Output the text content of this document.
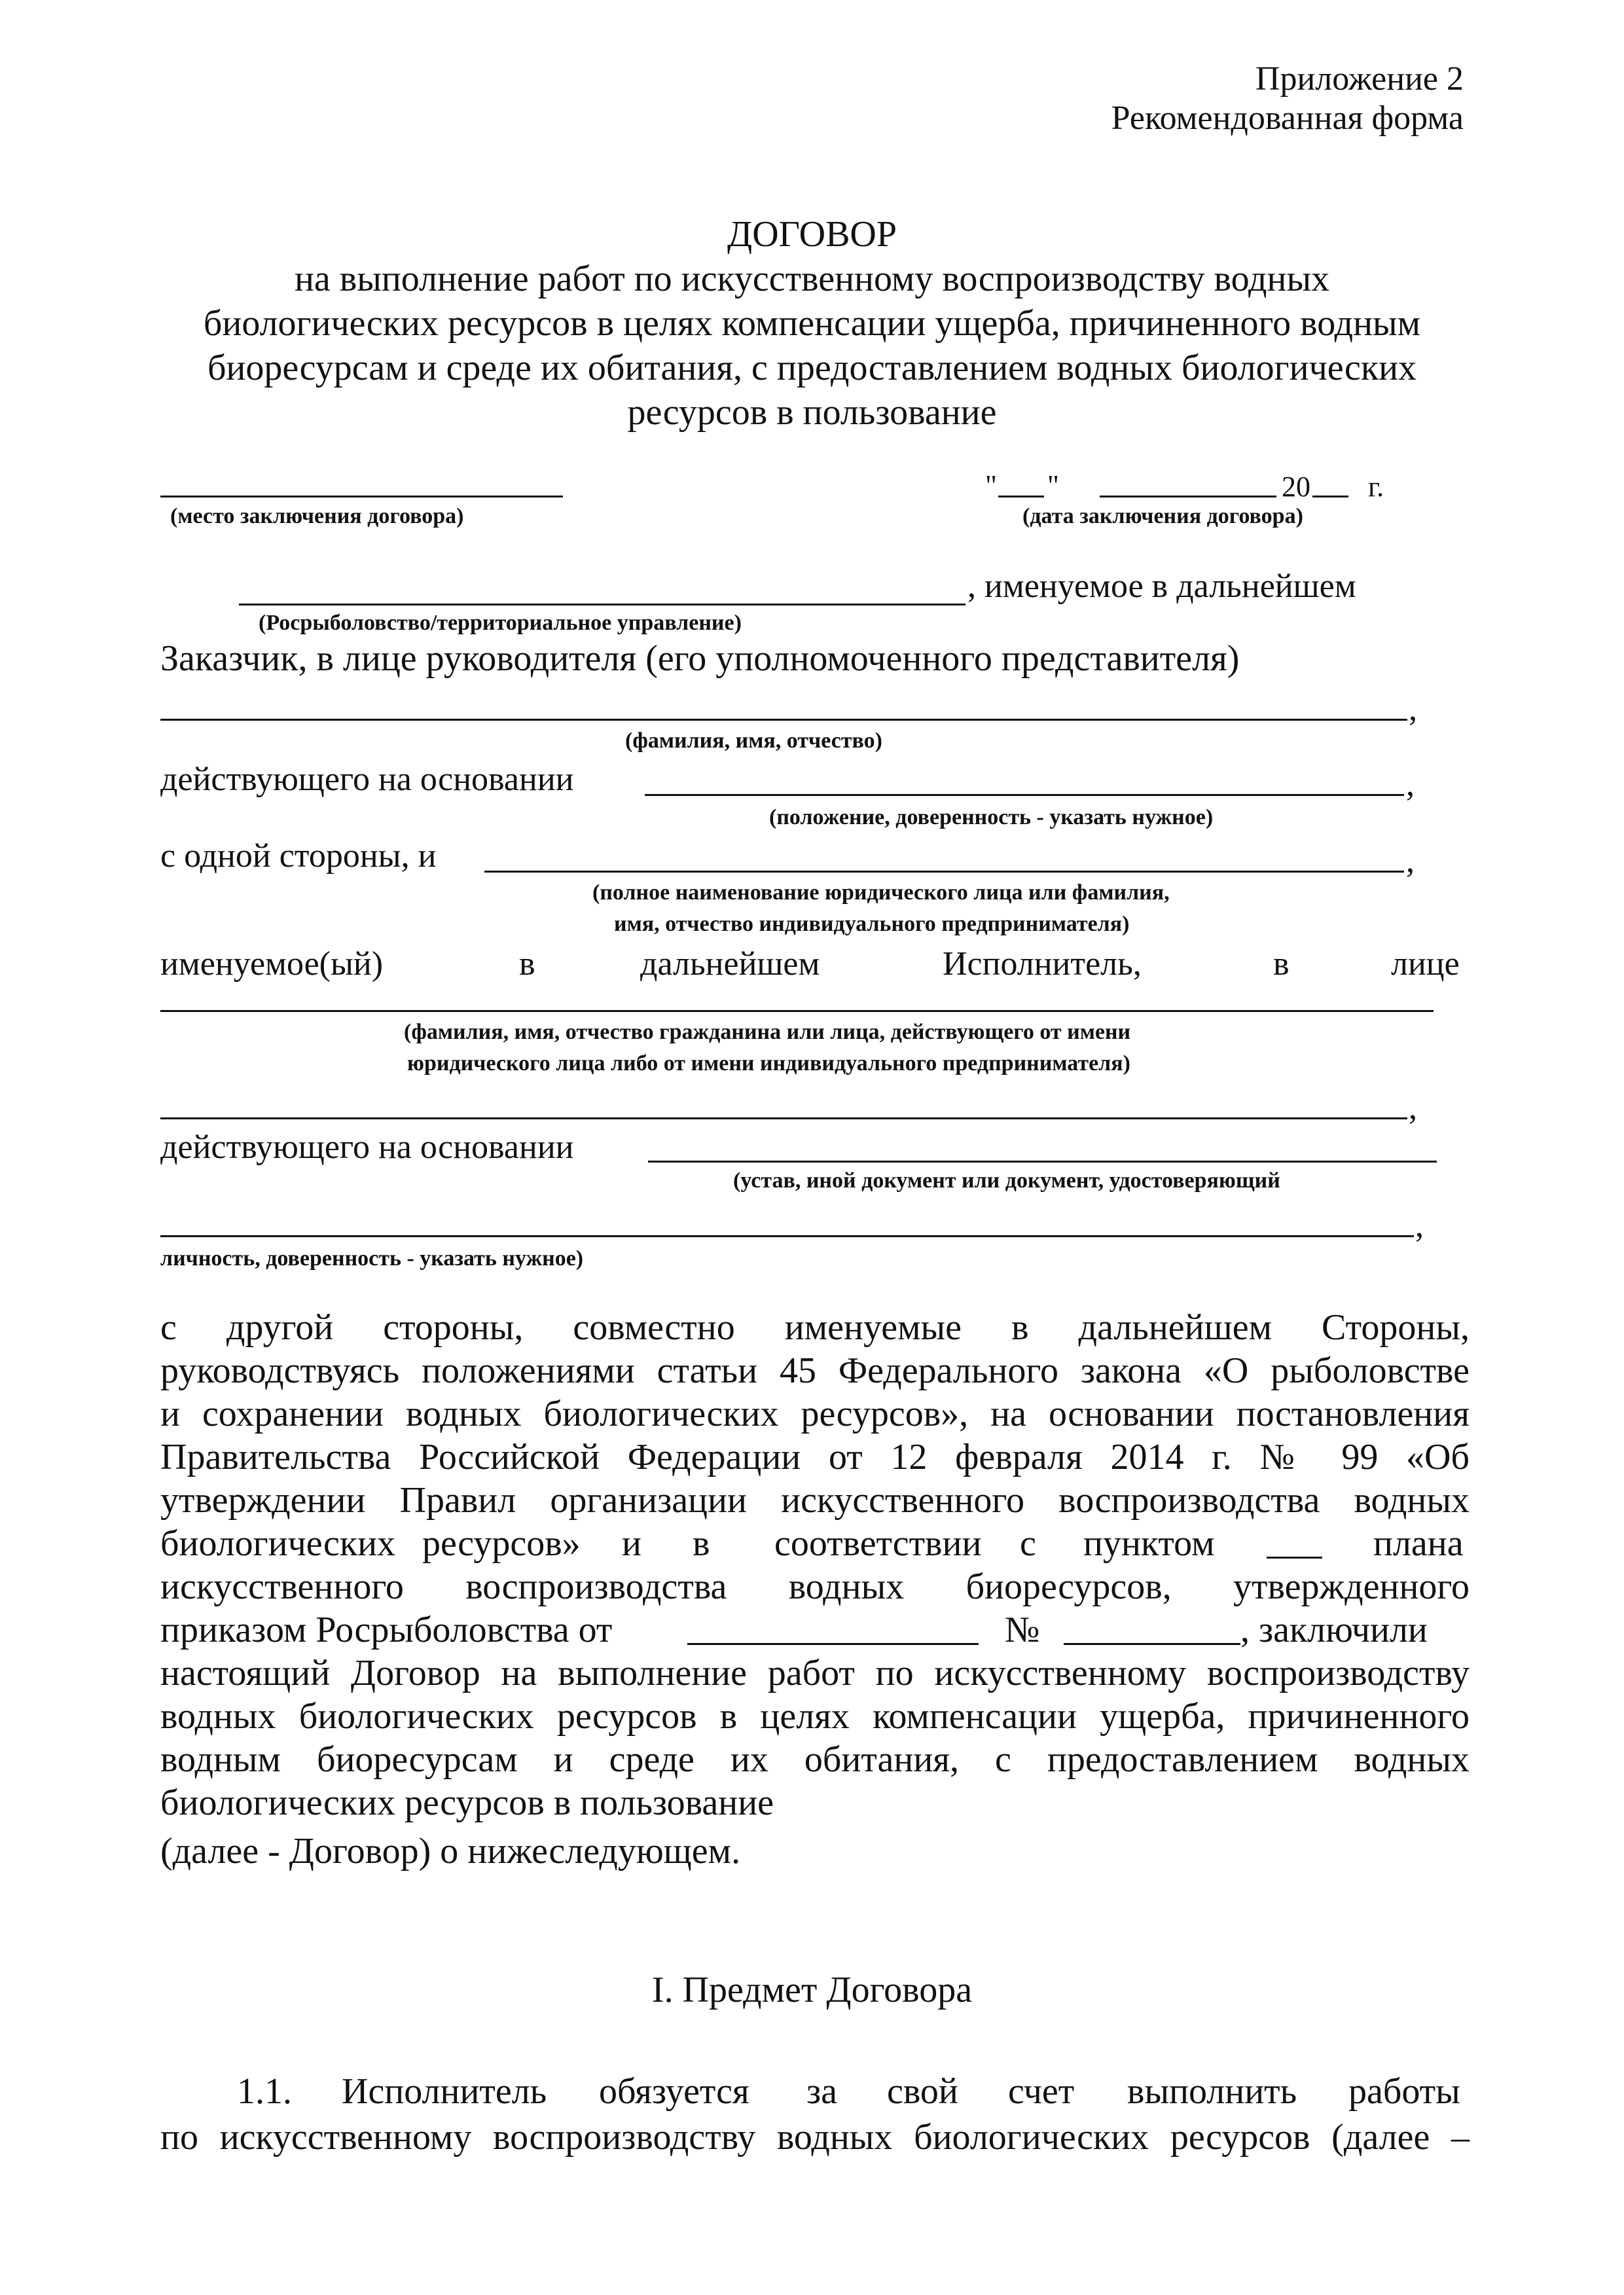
Приложение 2
Рекомендованная форма
ДОГОВОР
на выполнение работ по искусственному воспроизводству водных
биологических ресурсов в целях компенсации ущерба, причиненного водным
биоресурсам и среде их обитания, с предоставлением водных биологических
ресурсов в пользование
" "	20 г.
(место заключения договора)	(дата заключения договора)
, именуемое в дальнейшем
(Росрыболовство/территориальное управление)
Заказчик, в лице руководителя (его уполномоченного представителя)
,
(фамилия, имя, отчество)
действующего на основании	,
(положение, доверенность - указать нужное)
с одной стороны, и	,
(полное наименование юридического лица или фамилия,
имя, отчество индивидуального предпринимателя)
именуемое(ый)	в	дальнейшем	Исполнитель,	в	лице
(фамилия, имя, отчество гражданина или лица, действующего от имени
юридического лица либо от имени индивидуального предпринимателя)
,
действующего на основании
(устав, иной документ или документ, удостоверяющий
,
личность, доверенность - указать нужное)
с другой стороны, совместно именуемые в дальнейшем Стороны,
руководствуясь положениями статьи 45 Федерального закона «О рыболовстве
и сохранении водных биологических ресурсов», на основании постановления
Правительства Российской Федерации от 12 февраля 2014 г. № 99 «Об
утверждении Правил организации искусственного воспроизводства водных
биологических ресурсов» и в соответствии с пунктом	плана
искусственного воспроизводства водных биоресурсов, утвержденного
приказом Росрыболовства от	№	, заключили
настоящий Договор на выполнение работ по искусственному воспроизводству
водных биологических ресурсов в целях компенсации ущерба, причиненного
водным биоресурсам и среде их обитания, с предоставлением водных
биологических ресурсов в пользование
(далее - Договор) о нижеследующем.
I. Предмет Договора
1.1. Исполнитель обязуется за свой счет выполнить работы
по искусственному воспроизводству водных биологических ресурсов (далее –
